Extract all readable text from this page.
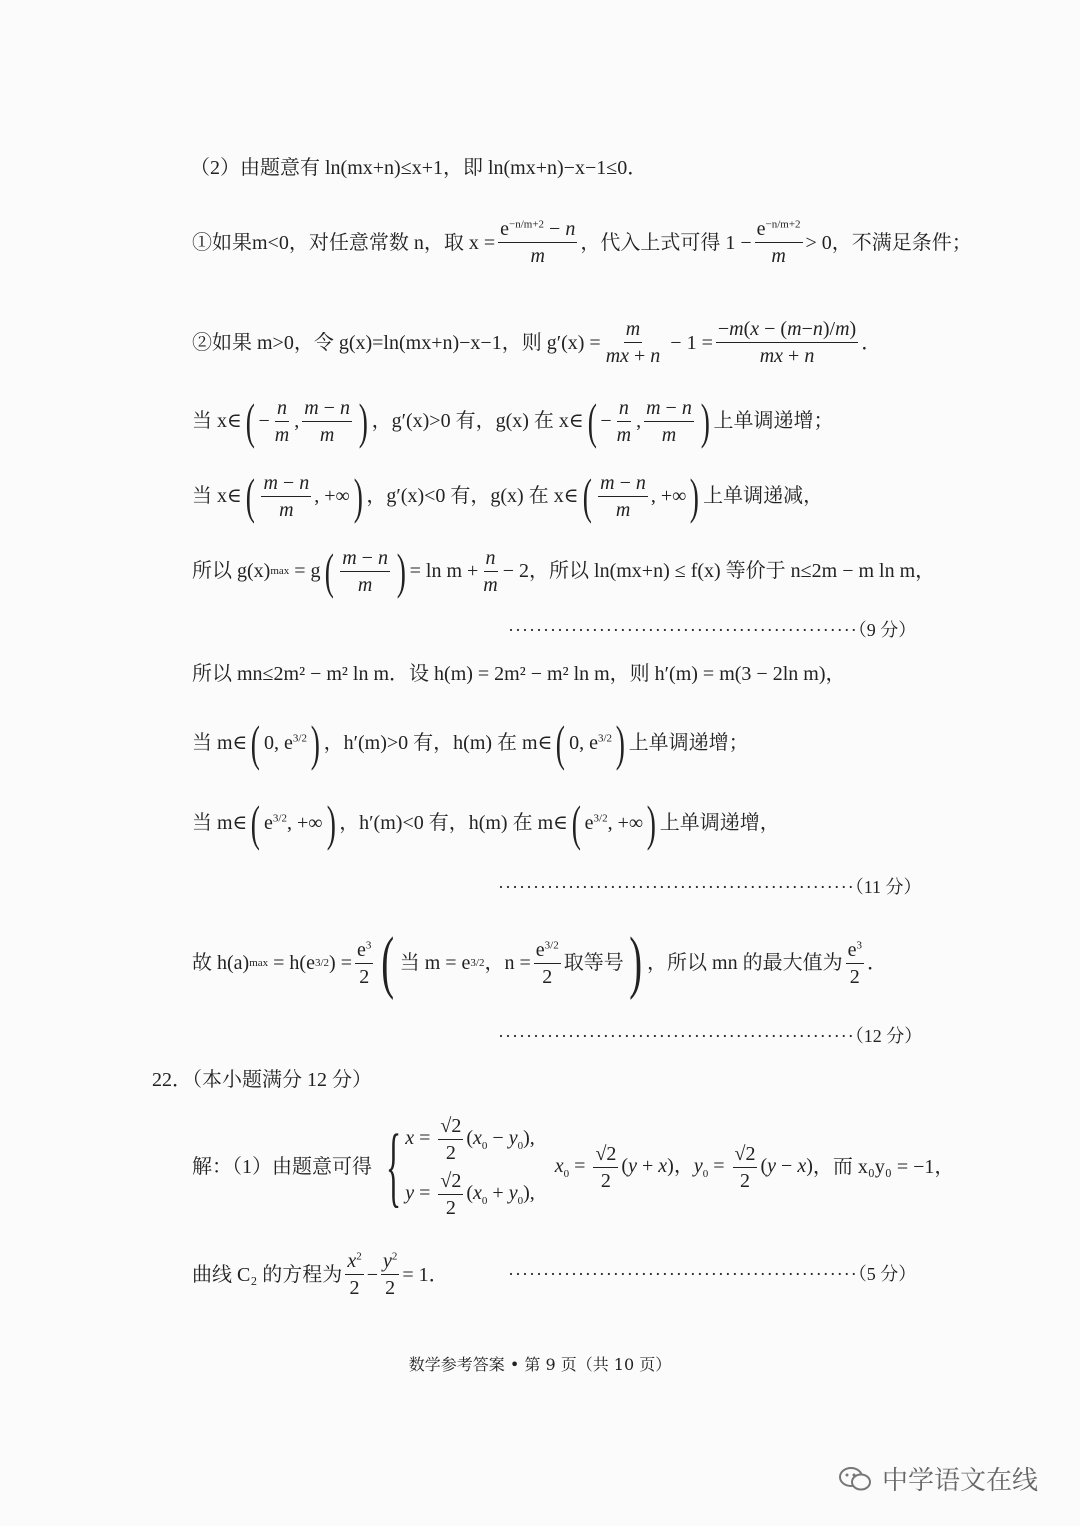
（2）由题意有 ln(mx+n)≤x+1，即 ln(mx+n)−x−1≤0．
①如果 m<0，对任意常数 n，取 $x = \frac{e^{-n/m+2} - n}{m}$ ，代入上式可得 $1 - \frac{e^{-n/m+2}}{m} > 0$，不满足条件；
②如果 m>0，令 g(x)=ln(mx+n)−x−1，则 $g'(x) = \frac{m}{mx + n} - 1 = \frac{-m(x - (m-n)/m)}{mx + n}$ ．
当 x∈ ( − $\frac{n}{m}$ , $\frac{m - n}{m}$ ) ，g′(x)>0 有，g(x) 在 x∈ ( − $\frac{n}{m}$ , $\frac{m - n}{m}$ ) 上单调递增；
当 x∈ ( $\frac{m - n}{m}$ , +∞ ) ，g′(x)<0 有，g(x) 在 x∈ ( $\frac{m - n}{m}$ , +∞ ) 上单调递减，
所以 g(x) max
= g ( $\frac{m - n}{m}$ ) = $\ln m + \frac{n}{m} - 2$，所以 ln(mx+n) ≤ f(x) 等价于 n≤2m − m ln m，
··················································（9 分）
所以 mn≤2m² − m² ln m．设 h(m) = 2m² − m² ln m，则 h′(m) = m(3 − 2ln m)，
当 m∈ ( 0, $e^{3/2}$ ) ，h′(m)>0 有，h(m) 在 m∈ ( 0, $e^{3/2}$ ) 上单调递增；
当 m∈ ( $e^{3/2}$, +∞ ) ，h′(m)<0 有，h(m) 在 m∈ ( $e^{3/2}$, +∞ ) 上单调递增，
···················································（11 分）
故 h(a) max
= h(e 3/2 ) = $\frac{e^3}{2}$ ( 当 m = e 3/2 ，$n = \frac{e^{3/2}}{2}$ 取等号 ) ，所以 mn 的最大值为 $\frac{e^3}{2}$ ．
···················································（12 分）
22．（本小题满分 12 分）
解：（1）由题意可得 { $x = \frac{√2}{2} (x_0 - y_0)$,
$y = \frac{√2}{2} (x_0 + y_0)$,
$x_0 = \frac{√2}{2} (y + x)$，$y_0 = \frac{√2}{2} (y - x)$ ，而 x₀y₀ = −1，
曲线 C₂ 的方程为 $\frac{x^2}{2} - \frac{y^2}{2} = 1$．	··················································（5 分）
数学参考答案 • 第 9 页（共 10 页）
中学语文在线
